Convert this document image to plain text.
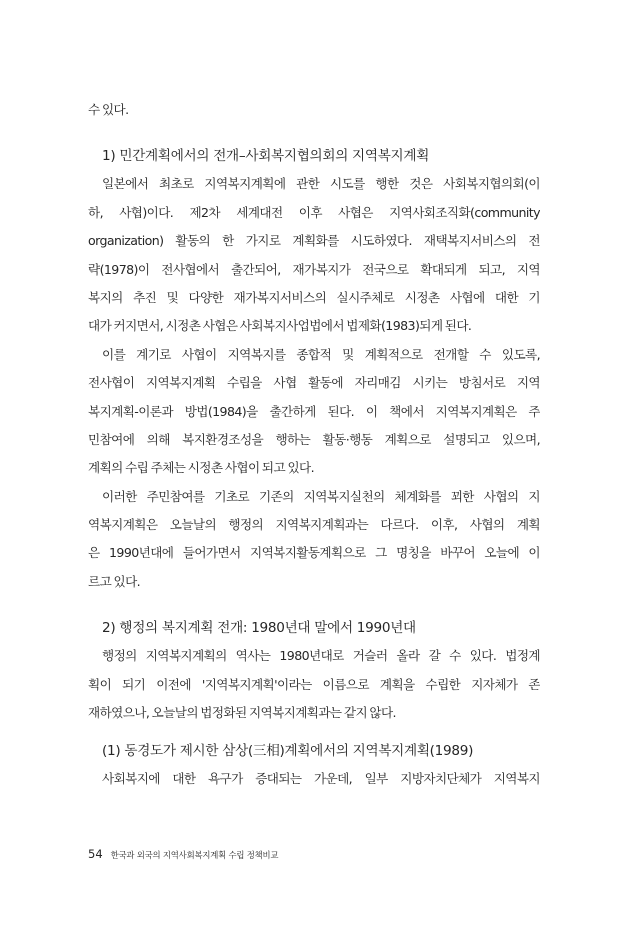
수 있다.
1) 민간계획에서의 전개–사회복지협의회의 지역복지계획
일본에서 최초로 지역복지계획에 관한 시도를 행한 것은 사회복지협의회(이
하, 사협)이다. 제2차 세계대전 이후 사협은 지역사회조직화(community
organization) 활동의 한 가지로 계획화를 시도하였다. 재택복지서비스의 전
략(1978)이 전사협에서 출간되어, 재가복지가 전국으로 확대되게 되고, 지역
복지의 추진 및 다양한 재가복지서비스의 실시주체로 시정촌 사협에 대한 기
대가 커지면서, 시정촌 사협은 사회복지사업법에서 법제화(1983)되게 된다.
이를 계기로 사협이 지역복지를 종합적 및 계획적으로 전개할 수 있도록,
전사협이 지역복지계획 수립을 사협 활동에 자리매김 시키는 방침서로 지역
복지계획-이론과 방법(1984)을 출간하게 된다. 이 책에서 지역복지계획은 주
민참여에 의해 복지환경조성을 행하는 활동·행동 계획으로 설명되고 있으며,
계획의 수립 주체는 시정촌 사협이 되고 있다.
이러한 주민참여를 기초로 기존의 지역복지실천의 체계화를 꾀한 사협의 지
역복지계획은 오늘날의 행정의 지역복지계획과는 다르다. 이후, 사협의 계획
은 1990년대에 들어가면서 지역복지활동계획으로 그 명칭을 바꾸어 오늘에 이
르고 있다.
2) 행정의 복지계획 전개: 1980년대 말에서 1990년대
행정의 지역복지계획의 역사는 1980년대로 거슬러 올라 갈 수 있다. 법정계
획이 되기 이전에 '지역복지계획'이라는 이름으로 계획을 수립한 지자체가 존
재하였으나, 오늘날의 법정화된 지역복지계획과는 같지 않다.
(1) 동경도가 제시한 삼상(三相)계획에서의 지역복지계획(1989)
사회복지에 대한 욕구가 증대되는 가운데, 일부 지방자치단체가 지역복지
54 한국과 외국의 지역사회복지계획 수립 정책비교
